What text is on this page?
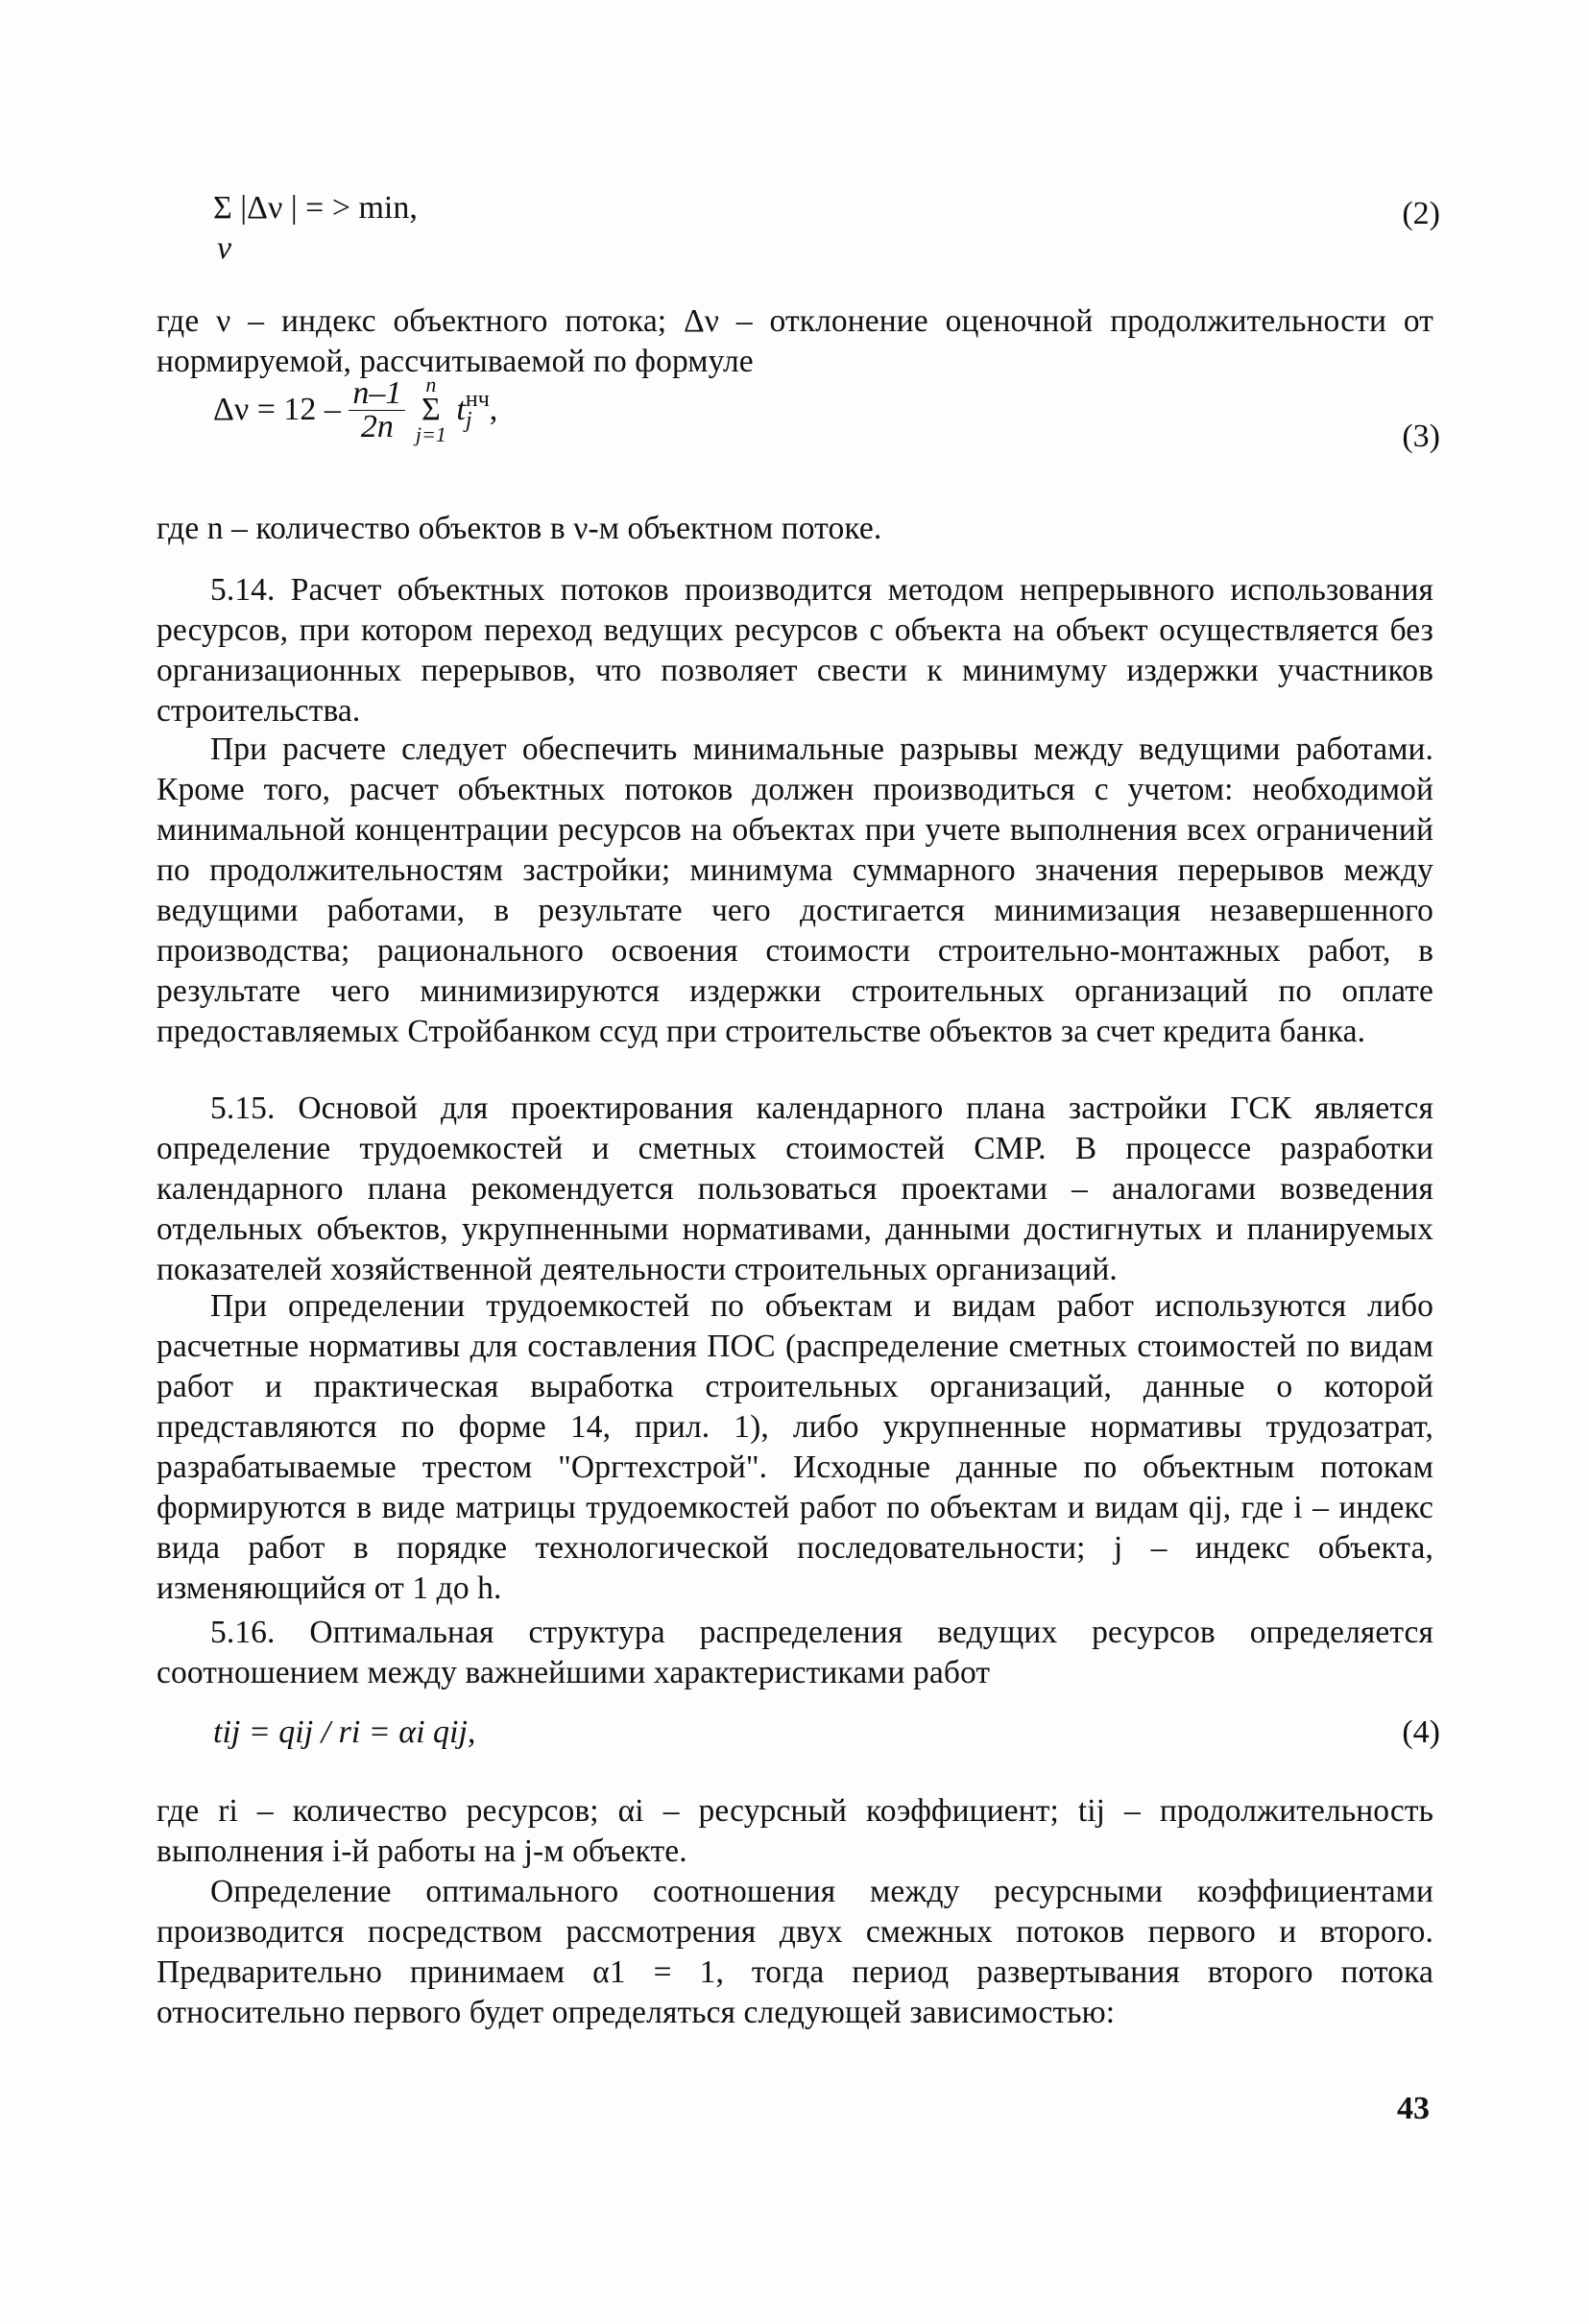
Σ |Δν | = > min,
ν
(2)
где ν – индекс объектного потока; Δν – отклонение оценочной продолжительности от нормируемой, рассчитываемой по формуле
$\Delta\nu = 12 - \frac{n-1}{2n}$
n
Σ
j=1
t нч
j ,
(3)
где n – количество объектов в ν-м объектном потоке.
5.14. Расчет объектных потоков производится методом непрерывного использования ресурсов, при котором переход ведущих ресурсов с объекта на объект осуществляется без организационных перерывов, что позволяет свести к минимуму издержки участников строительства.
При расчете следует обеспечить минимальные разрывы между ведущими работами. Кроме того, расчет объектных потоков должен производиться с учетом: необходимой минимальной концентрации ресурсов на объектах при учете выполнения всех ограничений по продолжительностям застройки; минимума суммарного значения перерывов между ведущими работами, в результате чего достигается минимизация незавершенного производства; рационального освоения стоимости строительно-монтажных работ, в результате чего минимизируются издержки строительных организаций по оплате предоставляемых Стройбанком ссуд при строительстве объектов за счет кредита банка.
5.15. Основой для проектирования календарного плана застройки ГСК является определение трудоемкостей и сметных стоимостей СМР. В процессе разработки календарного плана рекомендуется пользоваться проектами – аналогами возведения отдельных объектов, укрупненными нормативами, данными достигнутых и планируемых показателей хозяйственной деятельности строительных организаций.
При определении трудоемкостей по объектам и видам работ используются либо расчетные нормативы для составления ПОС (распределение сметных стоимостей по видам работ и практическая выработка строительных организаций, данные о которой представляются по форме 14, прил. 1), либо укрупненные нормативы трудозатрат, разрабатываемые трестом "Оргтехстрой". Исходные данные по объектным потокам формируются в виде матрицы трудоемкостей работ по объектам и видам qij, где i – индекс вида работ в порядке технологической последовательности; j – индекс объекта, изменяющийся от 1 до h.
5.16. Оптимальная структура распределения ведущих ресурсов определяется соотношением между важнейшими характеристиками работ
tij = qij / ri = αi qij,	(4)
где ri – количество ресурсов; αi – ресурсный коэффициент; tij – продолжительность выполнения i-й работы на j-м объекте.
Определение оптимального соотношения между ресурсными коэффициентами производится посредством рассмотрения двух смежных потоков первого и второго. Предварительно принимаем α1 = 1, тогда период развертывания второго потока относительно первого будет определяться следующей зависимостью:
43
